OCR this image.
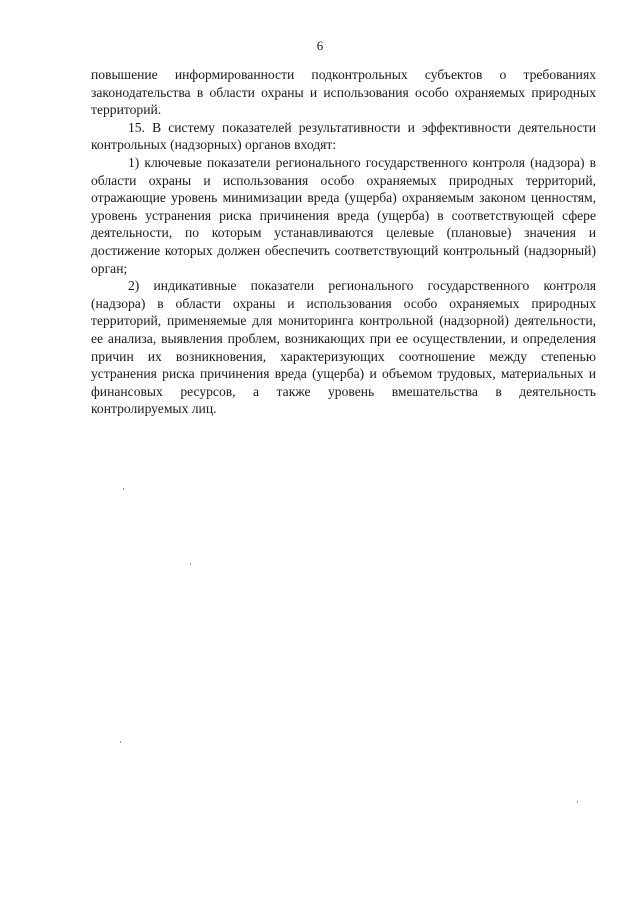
6

повышение информированности подконтрольных субъектов о требованиях законодательства в области охраны и использования особо охраняемых природных территорий.

15. В систему показателей результативности и эффективности деятельности контрольных (надзорных) органов входят:

1) ключевые показатели регионального государственного контроля (надзора) в области охраны и использования особо охраняемых природных территорий, отражающие уровень минимизации вреда (ущерба) охраняемым законом ценностям, уровень устранения риска причинения вреда (ущерба) в соответствующей сфере деятельности, по которым устанавливаются целевые (плановые) значения и достижение которых должен обеспечить соответствующий контрольный (надзорный) орган;

2) индикативные показатели регионального государственного контроля (надзора) в области охраны и использования особо охраняемых природных территорий, применяемые для мониторинга контрольной (надзорной) деятельности, ее анализа, выявления проблем, возникающих при ее осуществлении, и определения причин их возникновения, характеризующих соотношение между степенью устранения риска причинения вреда (ущерба) и объемом трудовых, материальных и финансовых ресурсов, а также уровень вмешательства в деятельность контролируемых лиц.
